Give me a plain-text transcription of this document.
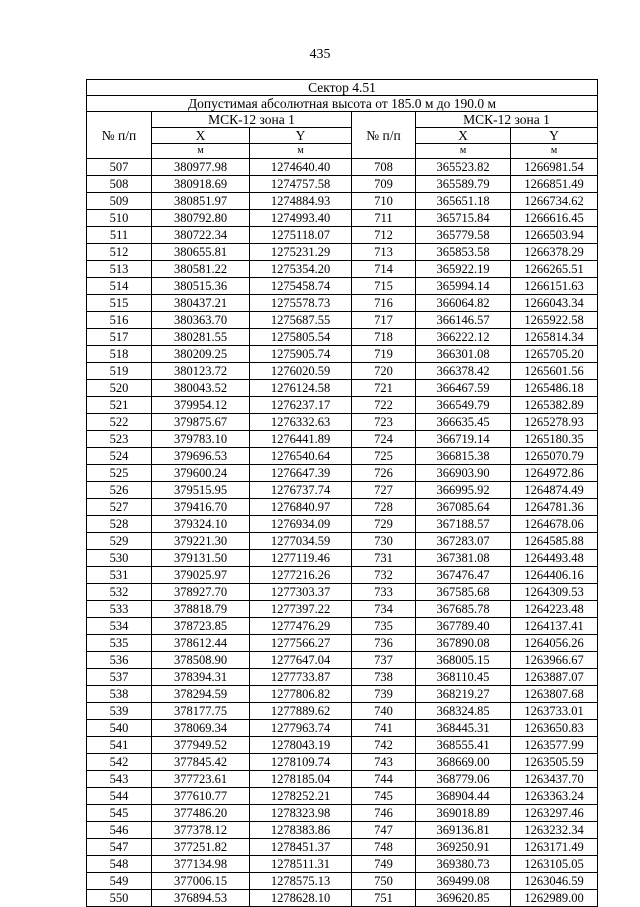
435
Сектор 4.51					
Допустимая абсолютная высота от 185.0 м до 190.0 м					
№ п/п	МСК-12 зона 1		№ п/п	МСК-12 зона 1	
	X	Y		X	Y
	м	м		м	м
507	380977.98	1274640.40	708	365523.82	1266981.54
508	380918.69	1274757.58	709	365589.79	1266851.49
509	380851.97	1274884.93	710	365651.18	1266734.62
510	380792.80	1274993.40	711	365715.84	1266616.45
511	380722.34	1275118.07	712	365779.58	1266503.94
512	380655.81	1275231.29	713	365853.58	1266378.29
513	380581.22	1275354.20	714	365922.19	1266265.51
514	380515.36	1275458.74	715	365994.14	1266151.63
515	380437.21	1275578.73	716	366064.82	1266043.34
516	380363.70	1275687.55	717	366146.57	1265922.58
517	380281.55	1275805.54	718	366222.12	1265814.34
518	380209.25	1275905.74	719	366301.08	1265705.20
519	380123.72	1276020.59	720	366378.42	1265601.56
520	380043.52	1276124.58	721	366467.59	1265486.18
521	379954.12	1276237.17	722	366549.79	1265382.89
522	379875.67	1276332.63	723	366635.45	1265278.93
523	379783.10	1276441.89	724	366719.14	1265180.35
524	379696.53	1276540.64	725	366815.38	1265070.79
525	379600.24	1276647.39	726	366903.90	1264972.86
526	379515.95	1276737.74	727	366995.92	1264874.49
527	379416.70	1276840.97	728	367085.64	1264781.36
528	379324.10	1276934.09	729	367188.57	1264678.06
529	379221.30	1277034.59	730	367283.07	1264585.88
530	379131.50	1277119.46	731	367381.08	1264493.48
531	379025.97	1277216.26	732	367476.47	1264406.16
532	378927.70	1277303.37	733	367585.68	1264309.53
533	378818.79	1277397.22	734	367685.78	1264223.48
534	378723.85	1277476.29	735	367789.40	1264137.41
535	378612.44	1277566.27	736	367890.08	1264056.26
536	378508.90	1277647.04	737	368005.15	1263966.67
537	378394.31	1277733.87	738	368110.45	1263887.07
538	378294.59	1277806.82	739	368219.27	1263807.68
539	378177.75	1277889.62	740	368324.85	1263733.01
540	378069.34	1277963.74	741	368445.31	1263650.83
541	377949.52	1278043.19	742	368555.41	1263577.99
542	377845.42	1278109.74	743	368669.00	1263505.59
543	377723.61	1278185.04	744	368779.06	1263437.70
544	377610.77	1278252.21	745	368904.44	1263363.24
545	377486.20	1278323.98	746	369018.89	1263297.46
546	377378.12	1278383.86	747	369136.81	1263232.34
547	377251.82	1278451.37	748	369250.91	1263171.49
548	377134.98	1278511.31	749	369380.73	1263105.05
549	377006.15	1278575.13	750	369499.08	1263046.59
550	376894.53	1278628.10	751	369620.85	1262989.00
